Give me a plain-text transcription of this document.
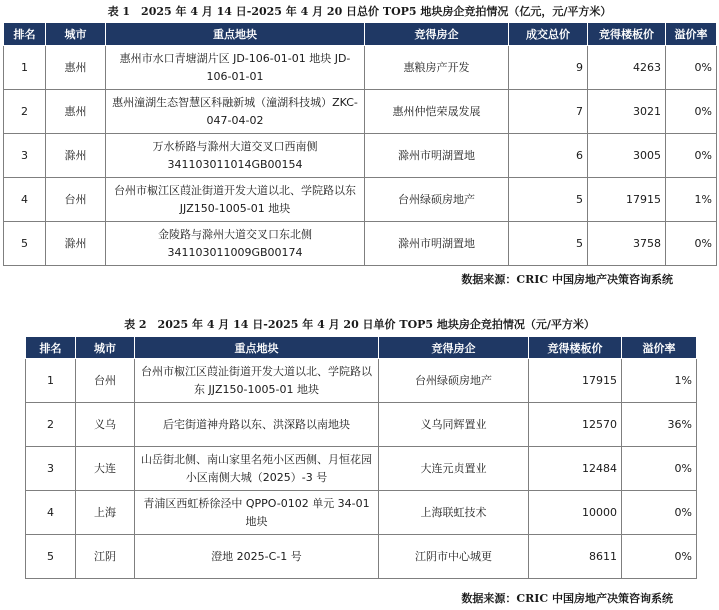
表 1　2025 年 4 月 14 日-2025 年 4 月 20 日总价 TOP5 地块房企竞拍情况（亿元，元/平方米）
排名	城市	重点地块	竞得房企	成交总价	竞得楼板价	溢价率
1	惠州	惠州市水口青塘湖片区 JD-106-01-01 地块 JD-106-01-01	惠粮房产开发	9	4263	0%
2	惠州	惠州潼湖生态智慧区科融新城（潼湖科技城）ZKC-047-04-02	惠州仲恺荣晟发展	7	3021	0%
3	滁州	万水桥路与滁州大道交叉口西南侧 341103011014GB00154	滁州市明湖置地	6	3005	0%
4	台州	台州市椒江区葭沚街道开发大道以北、学院路以东 JJZ150-1005-01 地块	台州绿硕房地产	5	17915	1%
5	滁州	金陵路与滁州大道交叉口东北侧 341103011009GB00174	滁州市明湖置地	5	3758	0%
数据来源：CRIC 中国房地产决策咨询系统
表 2　2025 年 4 月 14 日-2025 年 4 月 20 日单价 TOP5 地块房企竞拍情况（元/平方米）
排名	城市	重点地块	竞得房企	竞得楼板价	溢价率
1	台州	台州市椒江区葭沚街道开发大道以北、学院路以东 JJZ150-1005-01 地块	台州绿硕房地产	17915	1%
2	义乌	后宅街道神舟路以东、洪深路以南地块	义乌同辉置业	12570	36%
3	大连	山岳街北侧、南山家里名苑小区西侧、月恒花园小区南侧大城（2025）-3 号	大连元贞置业	12484	0%
4	上海	青浦区西虹桥徐泾中 QPPO-0102 单元 34-01 地块	上海联虹技术	10000	0%
5	江阴	澄地 2025-C-1 号	江阴市中心城更	8611	0%
数据来源：CRIC 中国房地产决策咨询系统
